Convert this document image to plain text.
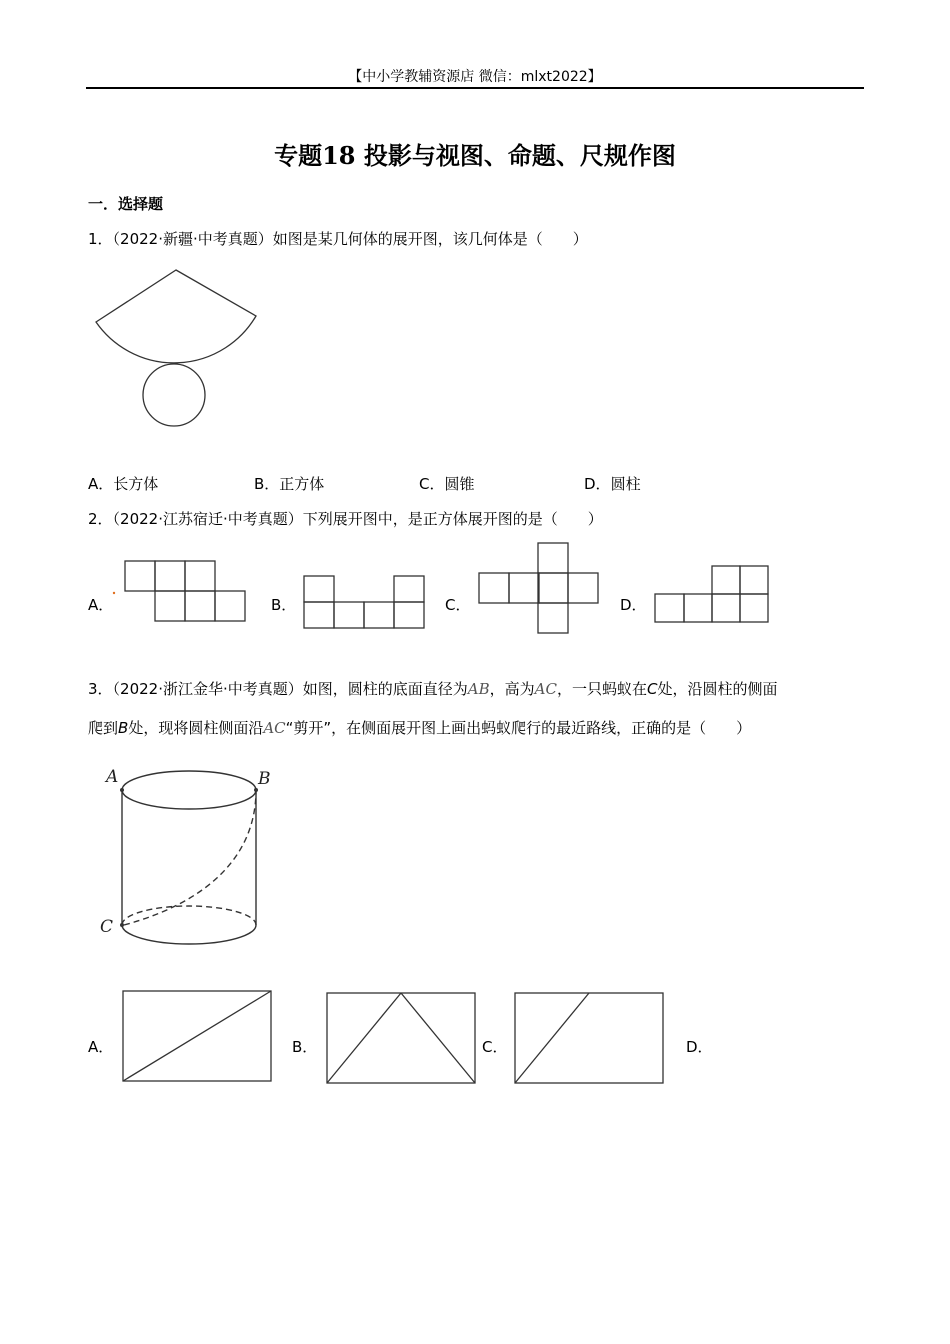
【中小学教辅资源店 微信：mlxt2022】
专题18 投影与视图、命题、尺规作图
一．选择题
1．（2022·新疆·中考真题）如图是某几何体的展开图，该几何体是（　　）
A．长方体	B．正方体	C．圆锥	D．圆柱
2．（2022·江苏宿迁·中考真题）下列展开图中，是正方体展开图的是（　　）
A．	B．	C．	D．
3．（2022·浙江金华·中考真题）如图，圆柱的底面直径为AB，高为AC，一只蚂蚁在C处，沿圆柱的侧面
爬到B处，现将圆柱侧面沿AC“剪开”，在侧面展开图上画出蚂蚁爬行的最近路线，正确的是（　　）
A	B
C
A．	B．	C．	D．
